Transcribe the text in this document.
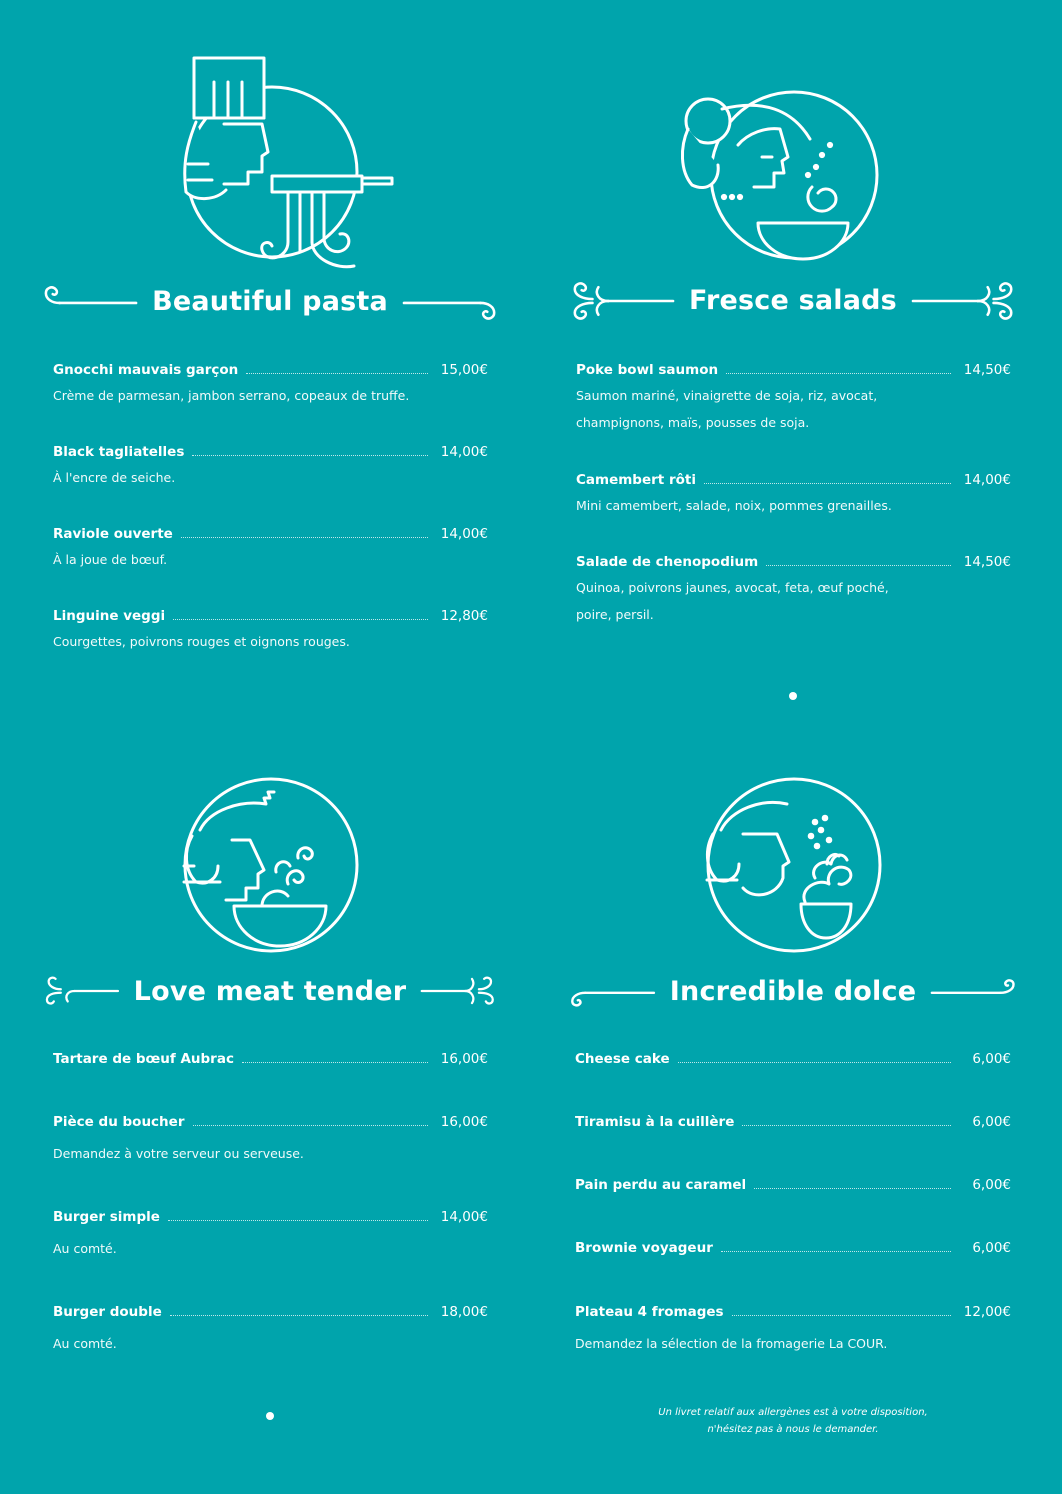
Beautiful pasta	Fresce salads
Love meat tender	Incredible dolce
Gnocchi mauvais garçon	15,00€
Crème de parmesan, jambon serrano, copeaux de truffe.
Black tagliatelles	14,00€
À l'encre de seiche.
Raviole ouverte	14,00€
À la joue de bœuf.
Linguine veggi	12,80€
Courgettes, poivrons rouges et oignons rouges.
Poke bowl saumon	14,50€
Saumon mariné, vinaigrette de soja, riz, avocat, champignons, maïs, pousses de soja.
Camembert rôti	14,00€
Mini camembert, salade, noix, pommes grenailles.
Salade de chenopodium	14,50€
Quinoa, poivrons jaunes, avocat, feta, œuf poché, poire, persil.
Tartare de bœuf Aubrac	16,00€
Pièce du boucher	16,00€
Demandez à votre serveur ou serveuse.
Burger simple	14,00€
Au comté.
Burger double	18,00€
Au comté.
Cheese cake	6,00€
Tiramisu à la cuillère	6,00€
Pain perdu au caramel	6,00€
Brownie voyageur	6,00€
Plateau 4 fromages	12,00€
Demandez la sélection de la fromagerie La COUR.
Un livret relatif aux allergènes est à votre disposition,
n'hésitez pas à nous le demander.
